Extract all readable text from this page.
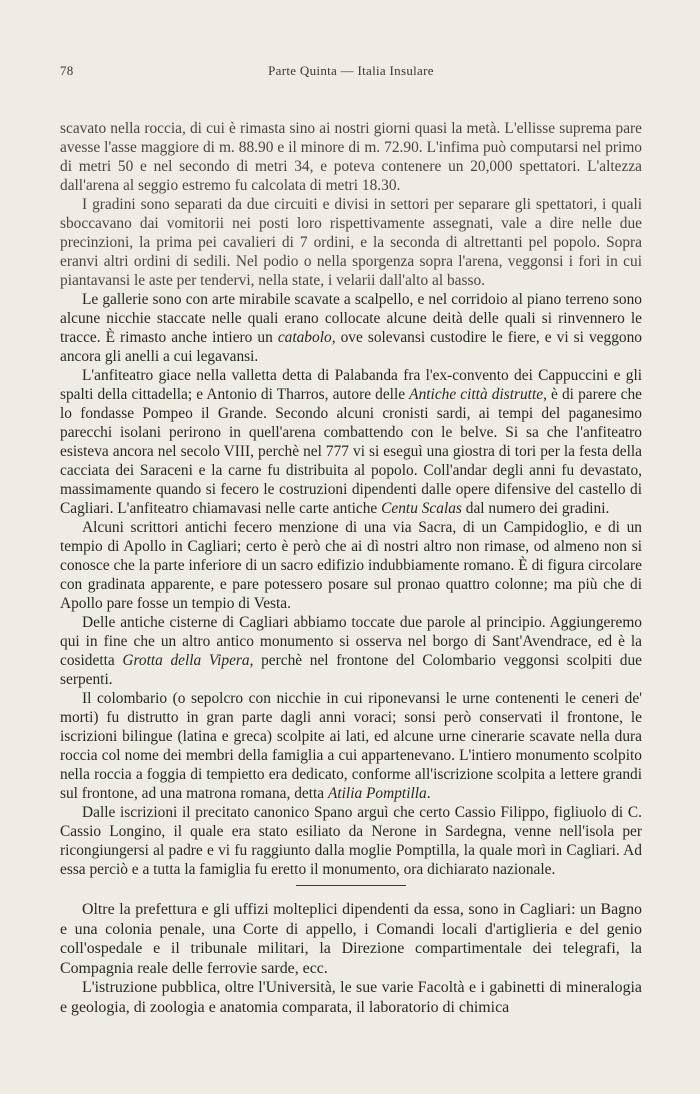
78	Parte Quinta — Italia Insulare

scavato nella roccia, di cui è rimasta sino ai nostri giorni quasi la metà. L'ellisse suprema pare avesse l'asse maggiore di m. 88.90 e il minore di m. 72.90. L'infima può computarsi nel primo di metri 50 e nel secondo di metri 34, e poteva contenere un 20,000 spettatori. L'altezza dall'arena al seggio estremo fu calcolata di metri 18.30.

I gradini sono separati da due circuiti e divisi in settori per separare gli spettatori, i quali sboccavano dai vomitorii nei posti loro rispettivamente assegnati, vale a dire nelle due precinzioni, la prima pei cavalieri di 7 ordini, e la seconda di altrettanti pel popolo. Sopra eranvi altri ordini di sedili. Nel podio o nella sporgenza sopra l'arena, veggonsi i fori in cui piantavansi le aste per tendervi, nella state, i velarii dall'alto al basso.

Le gallerie sono con arte mirabile scavate a scalpello, e nel corridoio al piano terreno sono alcune nicchie staccate nelle quali erano collocate alcune deità delle quali si rinvennero le tracce. È rimasto anche intiero un catabolo, ove solevansi custodire le fiere, e vi si veggono ancora gli anelli a cui legavansi.

L'anfiteatro giace nella valletta detta di Palabanda fra l'ex-convento dei Cappuccini e gli spalti della cittadella; e Antonio di Tharros, autore delle Antiche città distrutte, è di parere che lo fondasse Pompeo il Grande. Secondo alcuni cronisti sardi, ai tempi del paganesimo parecchi isolani perirono in quell'arena combattendo con le belve. Si sa che l'anfiteatro esisteva ancora nel secolo VIII, perchè nel 777 vi si eseguì una giostra di tori per la festa della cacciata dei Saraceni e la carne fu distribuita al popolo. Coll'andar degli anni fu devastato, massimamente quando si fecero le costruzioni dipendenti dalle opere difensive del castello di Cagliari. L'anfiteatro chiamavasi nelle carte antiche Centu Scalas dal numero dei gradini.

Alcuni scrittori antichi fecero menzione di una via Sacra, di un Campidoglio, e di un tempio di Apollo in Cagliari; certo è però che ai dì nostri altro non rimase, od almeno non si conosce che la parte inferiore di un sacro edifizio indubbiamente romano. È di figura circolare con gradinata apparente, e pare potessero posare sul pronao quattro colonne; ma più che di Apollo pare fosse un tempio di Vesta.

Delle antiche cisterne di Cagliari abbiamo toccate due parole al principio. Aggiungeremo qui in fine che un altro antico monumento si osserva nel borgo di Sant'Avendrace, ed è la cosidetta Grotta della Vipera, perchè nel frontone del Colombario veggonsi scolpiti due serpenti.

Il colombario (o sepolcro con nicchie in cui riponevansi le urne contenenti le ceneri de' morti) fu distrutto in gran parte dagli anni voraci; sonsi però conservati il frontone, le iscrizioni bilingue (latina e greca) scolpite ai lati, ed alcune urne cinerarie scavate nella dura roccia col nome dei membri della famiglia a cui appartenevano. L'intiero monumento scolpito nella roccia a foggia di tempietto era dedicato, conforme all'iscrizione scolpita a lettere grandi sul frontone, ad una matrona romana, detta Atilia Pomptilla.

Dalle iscrizioni il precitato canonico Spano arguì che certo Cassio Filippo, figliuolo di C. Cassio Longino, il quale era stato esiliato da Nerone in Sardegna, venne nell'isola per ricongiungersi al padre e vi fu raggiunto dalla moglie Pomptilla, la quale morì in Cagliari. Ad essa perciò e a tutta la famiglia fu eretto il monumento, ora dichiarato nazionale.

Oltre la prefettura e gli uffizi molteplici dipendenti da essa, sono in Cagliari: un Bagno e una colonia penale, una Corte di appello, i Comandi locali d'artiglieria e del genio coll'ospedale e il tribunale militari, la Direzione compartimentale dei telegrafi, la Compagnia reale delle ferrovie sarde, ecc.

L'istruzione pubblica, oltre l'Università, le sue varie Facoltà e i gabinetti di mineralogia e geologia, di zoologia e anatomia comparata, il laboratorio di chimica
